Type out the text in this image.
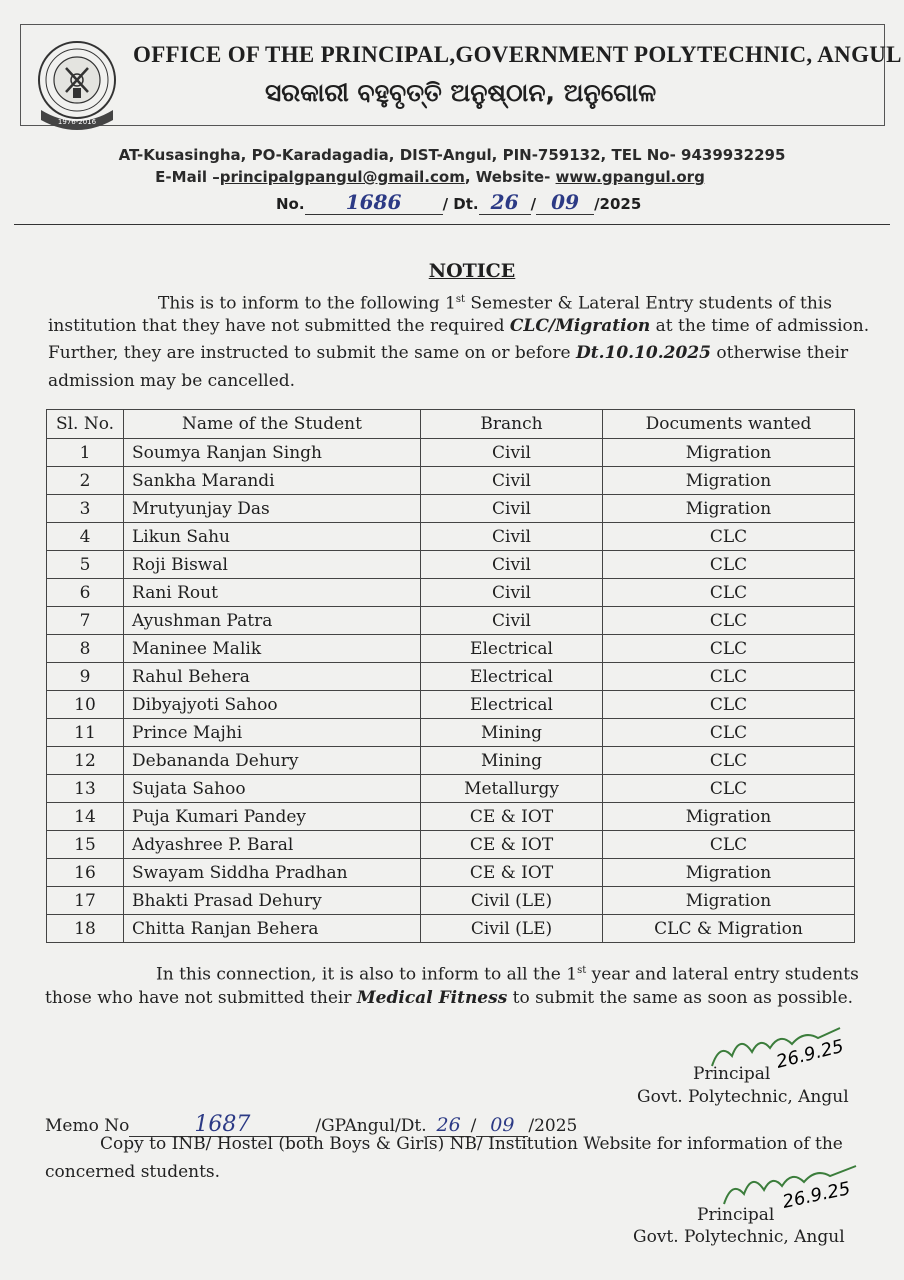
1976-2016
OFFICE OF THE PRINCIPAL,GOVERNMENT POLYTECHNIC, ANGUL
ସରକାରୀ ବହୁବୃତ୍ତି ଅନୁଷ୍ଠାନ, ଅନୁଗୋଳ
AT-Kusasingha, PO-Karadagadia, DIST-Angul, PIN-759132, TEL No- 9439932295
E-Mail –principalgpangul@gmail.com, Website- www.gpangul.org
No. 1686	/ Dt. 26 / 09 /2025
NOTICE
This is to inform to the following 1st Semester & Lateral Entry students of this
institution that they have not submitted the required CLC/Migration at the time of admission.
Further, they are instructed to submit the same on or before Dt.10.10.2025 otherwise their
admission may be cancelled.
Sl. No.	Name of the Student	Branch	Documents wanted
1	Soumya Ranjan Singh	Civil	Migration
2	Sankha Marandi	Civil	Migration
3	Mrutyunjay Das	Civil	Migration
4	Likun Sahu	Civil	CLC
5	Roji Biswal	Civil	CLC
6	Rani Rout	Civil	CLC
7	Ayushman Patra	Civil	CLC
8	Maninee Malik	Electrical	CLC
9	Rahul Behera	Electrical	CLC
10	Dibyajyoti Sahoo	Electrical	CLC
11	Prince Majhi	Mining	CLC
12	Debananda Dehury	Mining	CLC
13	Sujata Sahoo	Metallurgy	CLC
14	Puja Kumari Pandey	CE & IOT	Migration
15	Adyashree P. Baral	CE & IOT	CLC
16	Swayam Siddha Pradhan	CE & IOT	Migration
17	Bhakti Prasad Dehury	Civil (LE)	Migration
18	Chitta Ranjan Behera	Civil (LE)	CLC & Migration
In this connection, it is also to inform to all the 1st year and lateral entry students
those who have not submitted their Medical Fitness to submit the same as soon as possible.
26.9.25
Principal
Govt. Polytechnic, Angul
Memo No	1687	/GPAngul/Dt. 26 / 09 /2025
Copy to INB/ Hostel (both Boys & Girls) NB/ Institution Website for information of the
concerned students.
26.9.25
Principal
Govt. Polytechnic, Angul
